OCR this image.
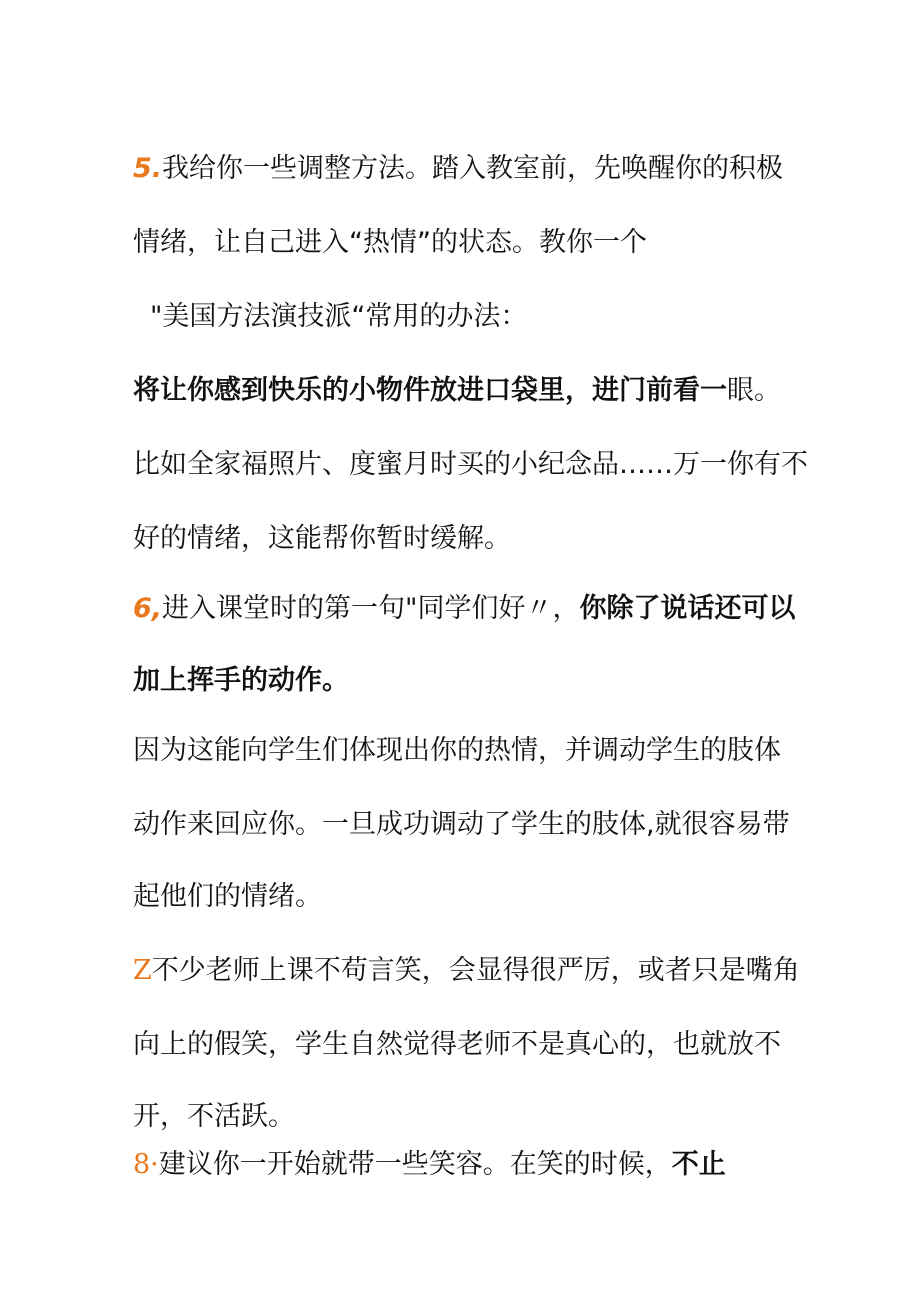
5.我给你一些调整方法。踏入教室前，先唤醒你的积极
情绪，让自己进入“热情”的状态。教你一个
"美国方法演技派“常用的办法：
将让你感到快乐的小物件放进口袋里，进门前看一眼。
比如全家福照片、度蜜月时买的小纪念品……万一你有不
好的情绪，这能帮你暂时缓解。
6,进入课堂时的第一句"同学们好〃，你除了说话还可以
加上挥手的动作。
因为这能向学生们体现出你的热情，并调动学生的肢体
动作来回应你。一旦成功调动了学生的肢体,就很容易带
起他们的情绪。
Z不少老师上课不苟言笑，会显得很严厉，或者只是嘴角
向上的假笑，学生自然觉得老师不是真心的，也就放不
开，不活跃。
8·建议你一开始就带一些笑容。在笑的时候，不止
